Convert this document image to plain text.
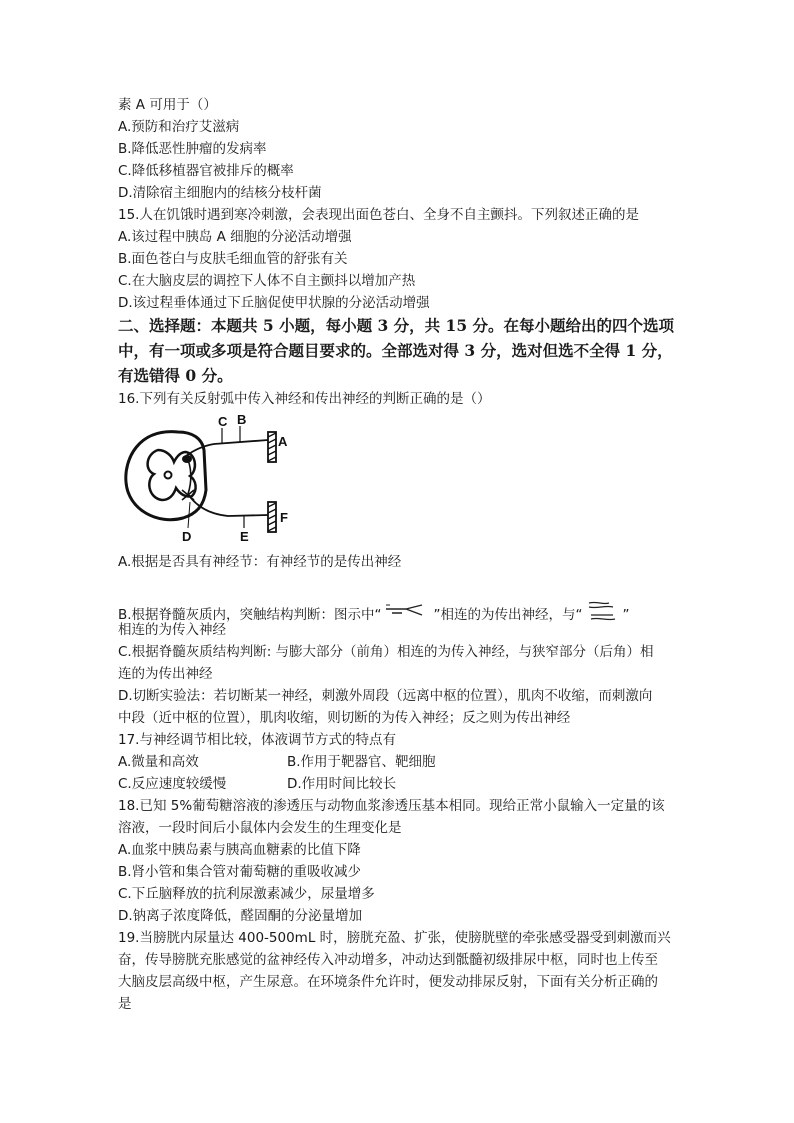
素 A 可用于（）
A.预防和治疗艾滋病
B.降低恶性肿瘤的发病率
C.降低移植器官被排斥的概率
D.清除宿主细胞内的结核分枝杆菌
15.人在饥饿时遇到寒冷刺激，会表现出面色苍白、全身不自主颤抖。下列叙述正确的是
A.该过程中胰岛 A 细胞的分泌活动增强
B.面色苍白与皮肤毛细血管的舒张有关
C.在大脑皮层的调控下人体不自主颤抖以增加产热
D.该过程垂体通过下丘脑促使甲状腺的分泌活动增强
二、选择题：本题共 5 小题，每小题 3 分，共 15 分。在每小题给出的四个选项
中，有一项或多项是符合题目要求的。全部选对得 3 分，选对但选不全得 1 分，
有选错得 0 分。
16.下列有关反射弧中传入神经和传出神经的判断正确的是（）
C B
A
F
D	E
A.根据是否具有神经节：有神经节的是传出神经
B.根据脊髓灰质内，突触结构判断：图示中“	”相连的为传出神经，与“	”
相连的为传入神经
C.根据脊髓灰质结构判断: 与膨大部分（前角）相连的为传入神经，与狭窄部分（后角）相
连的为传出神经
D.切断实验法：若切断某一神经，刺激外周段（远离中枢的位置），肌肉不收缩，而刺激向
中段（近中枢的位置），肌肉收缩，则切断的为传入神经；反之则为传出神经
17.与神经调节相比较，体液调节方式的特点有
A.微量和高效	B.作用于靶器官、靶细胞
C.反应速度较缓慢	D.作用时间比较长
18.已知 5%葡萄糖溶液的渗透压与动物血浆渗透压基本相同。现给正常小鼠输入一定量的该
溶液，一段时间后小鼠体内会发生的生理变化是
A.血浆中胰岛素与胰高血糖素的比值下降
B.肾小管和集合管对葡萄糖的重吸收减少
C.下丘脑释放的抗利尿激素减少，尿量增多
D.钠离子浓度降低，醛固酮的分泌量增加
19.当膀胱内尿量达 400-500mL 时，膀胱充盈、扩张，使膀胱壁的牵张感受器受到刺激而兴
奋，传导膀胱充胀感觉的盆神经传入冲动增多，冲动达到骶髓初级排尿中枢，同时也上传至
大脑皮层高级中枢，产生尿意。在环境条件允许时，便发动排尿反射，下面有关分析正确的
是
